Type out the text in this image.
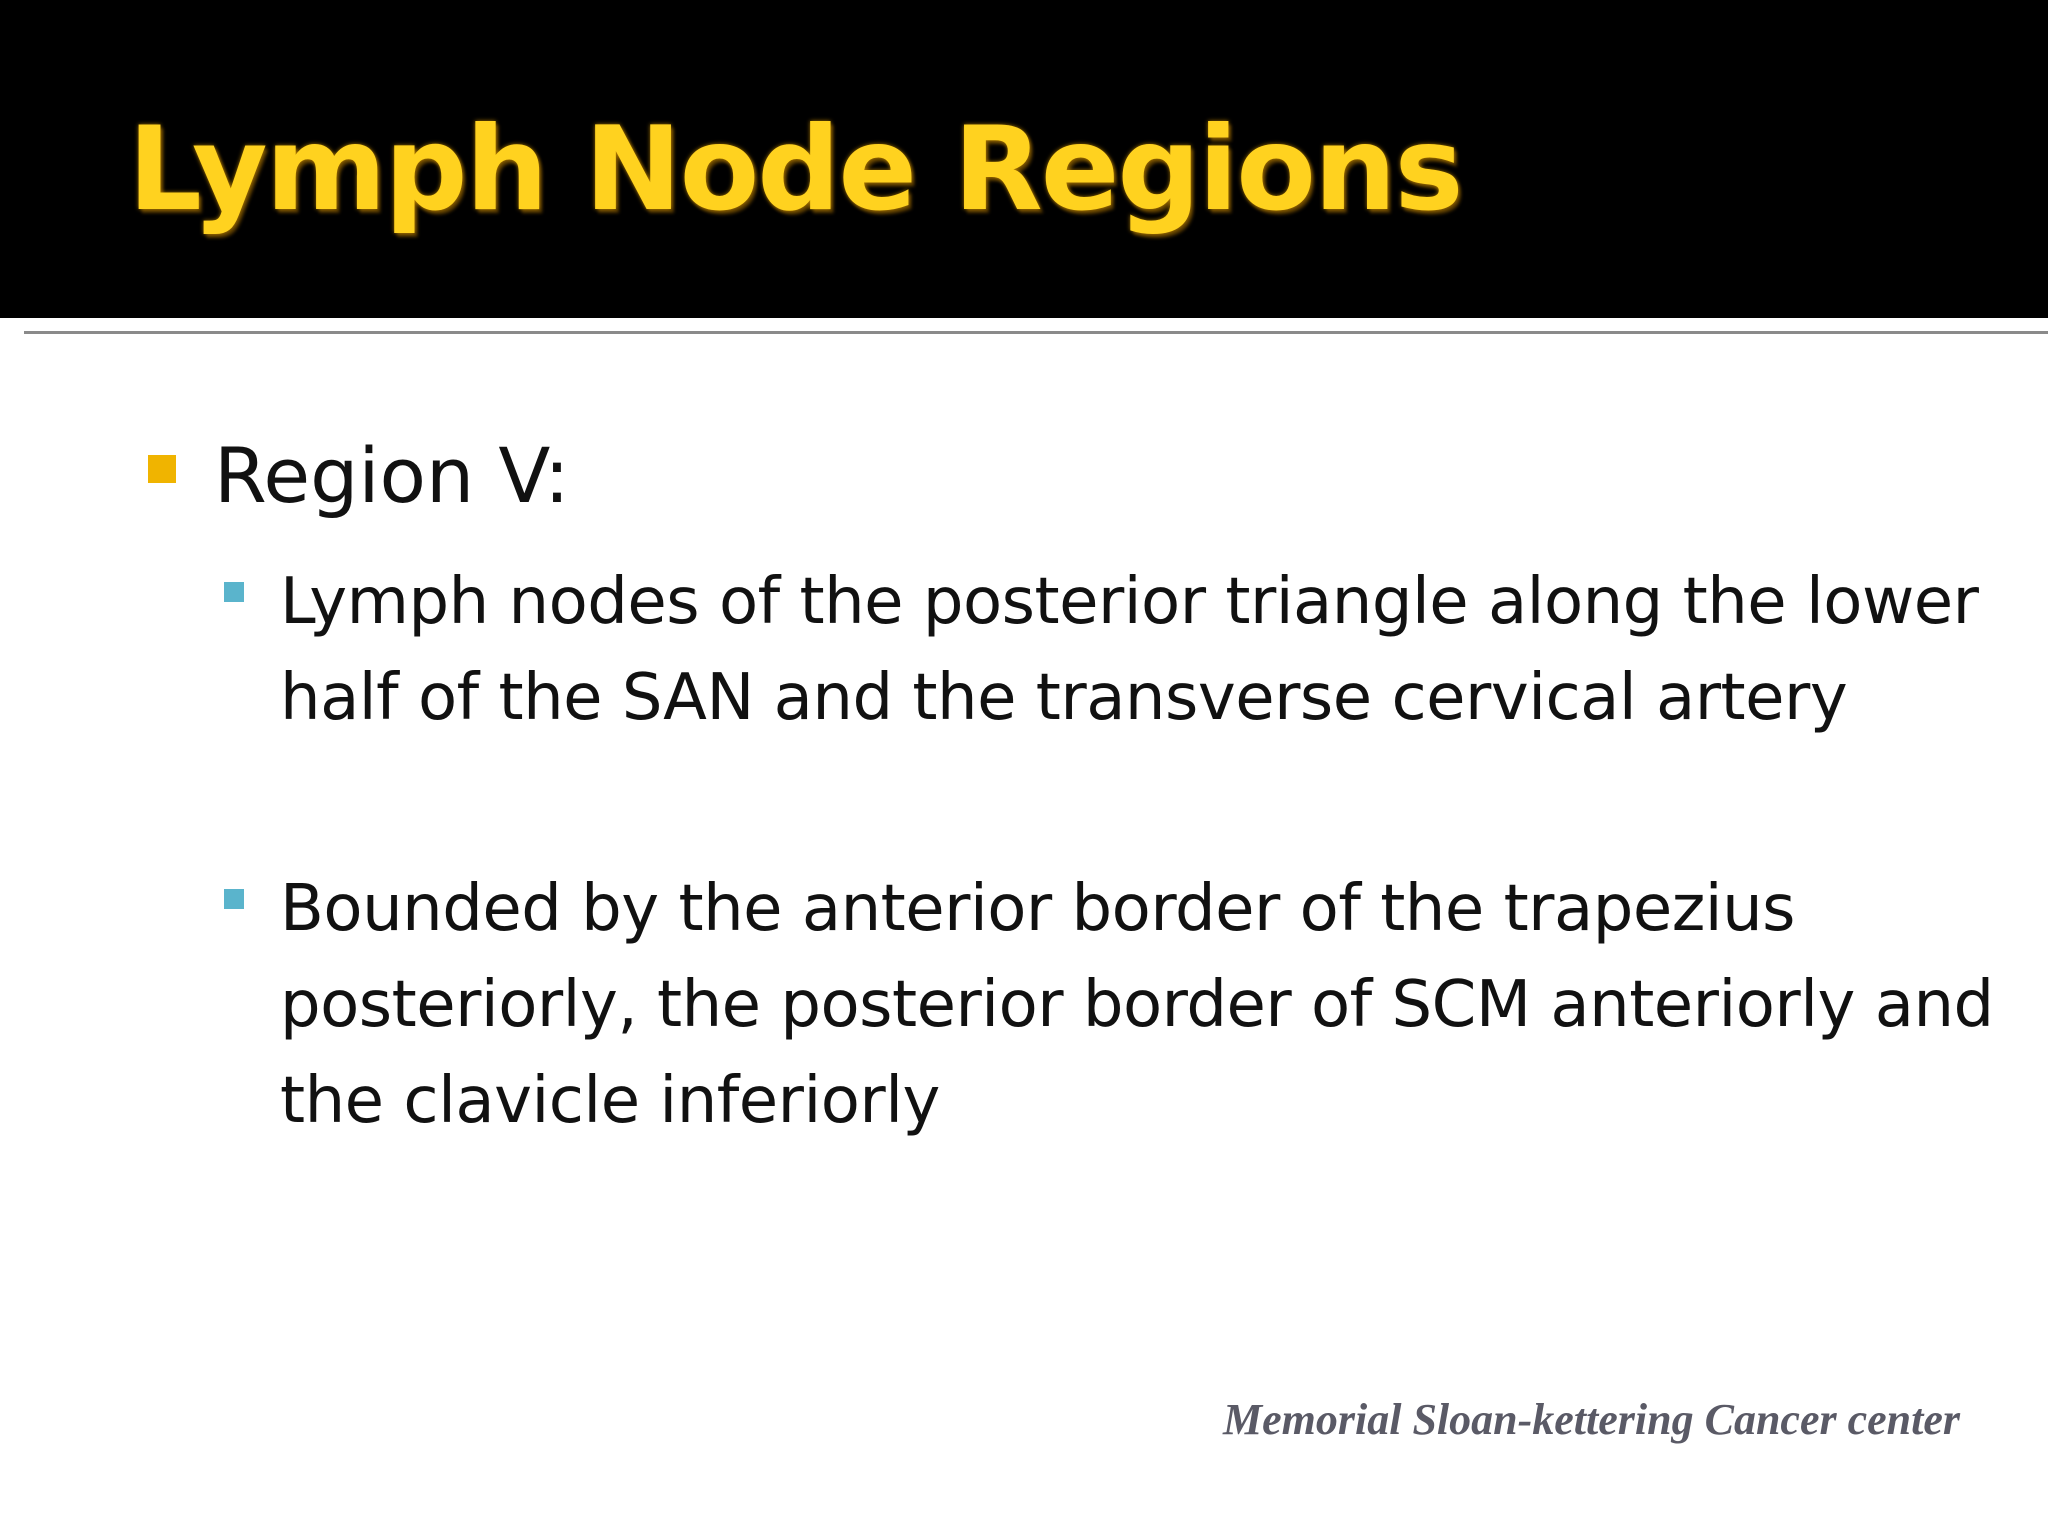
Lymph Node Regions
Region V:
Lymph nodes of the posterior triangle along the lower half of the SAN and the transverse cervical artery
Bounded by the anterior border of the trapezius posteriorly, the posterior border of SCM anteriorly and the clavicle inferiorly
Memorial Sloan-kettering Cancer center
